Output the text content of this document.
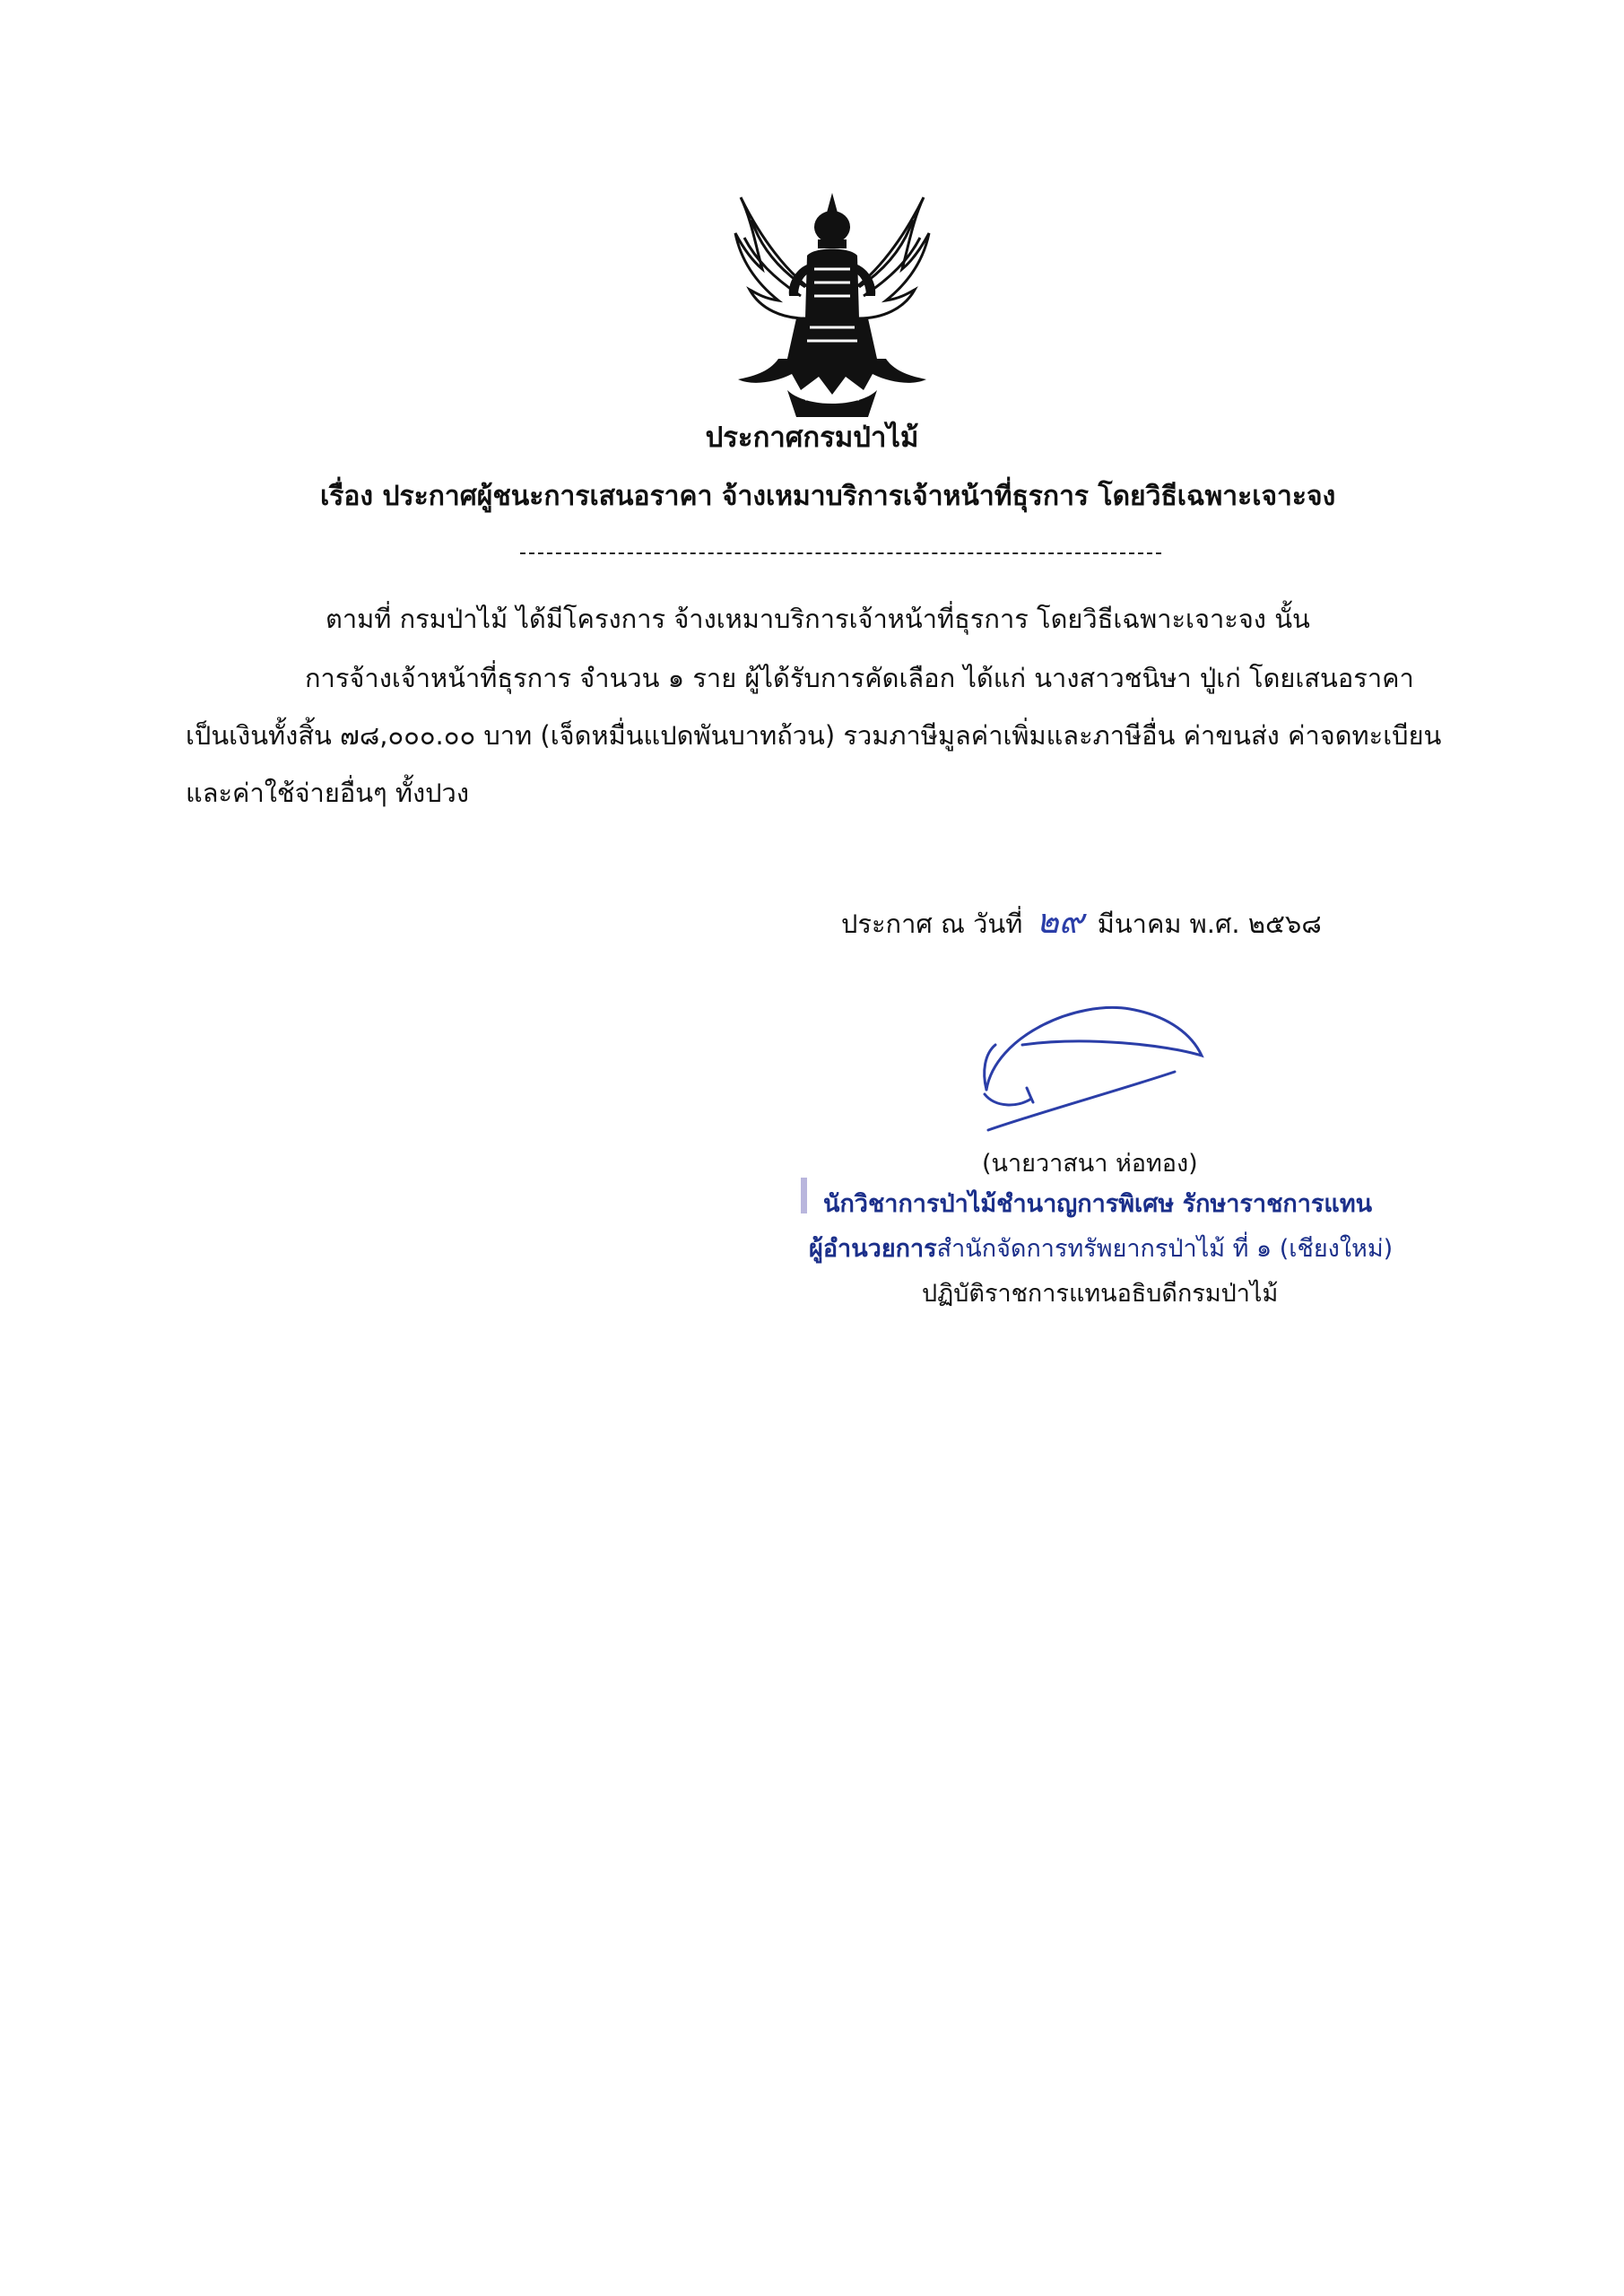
ประกาศกรมป่าไม้
เรื่อง ประกาศผู้ชนะการเสนอราคา จ้างเหมาบริการเจ้าหน้าที่ธุรการ โดยวิธีเฉพาะเจาะจง
ตามที่ กรมป่าไม้ ได้มีโครงการ จ้างเหมาบริการเจ้าหน้าที่ธุรการ โดยวิธีเฉพาะเจาะจง นั้น
การจ้างเจ้าหน้าที่ธุรการ จำนวน ๑ ราย ผู้ได้รับการคัดเลือก ได้แก่ นางสาวชนิษา ปู่เก่ โดยเสนอราคา
เป็นเงินทั้งสิ้น ๗๘,๐๐๐.๐๐ บาท (เจ็ดหมื่นแปดพันบาทถ้วน) รวมภาษีมูลค่าเพิ่มและภาษีอื่น ค่าขนส่ง ค่าจดทะเบียน
และค่าใช้จ่ายอื่นๆ ทั้งปวง
ประกาศ ณ วันที่ ๒๙ มีนาคม พ.ศ. ๒๕๖๘
(นายวาสนา ห่อทอง)
นักวิชาการป่าไม้ชำนาญการพิเศษ รักษาราชการแทน
ผู้อำนวยการสำนักจัดการทรัพยากรป่าไม้ ที่ ๑ (เชียงใหม่)
ปฏิบัติราชการแทนอธิบดีกรมป่าไม้
